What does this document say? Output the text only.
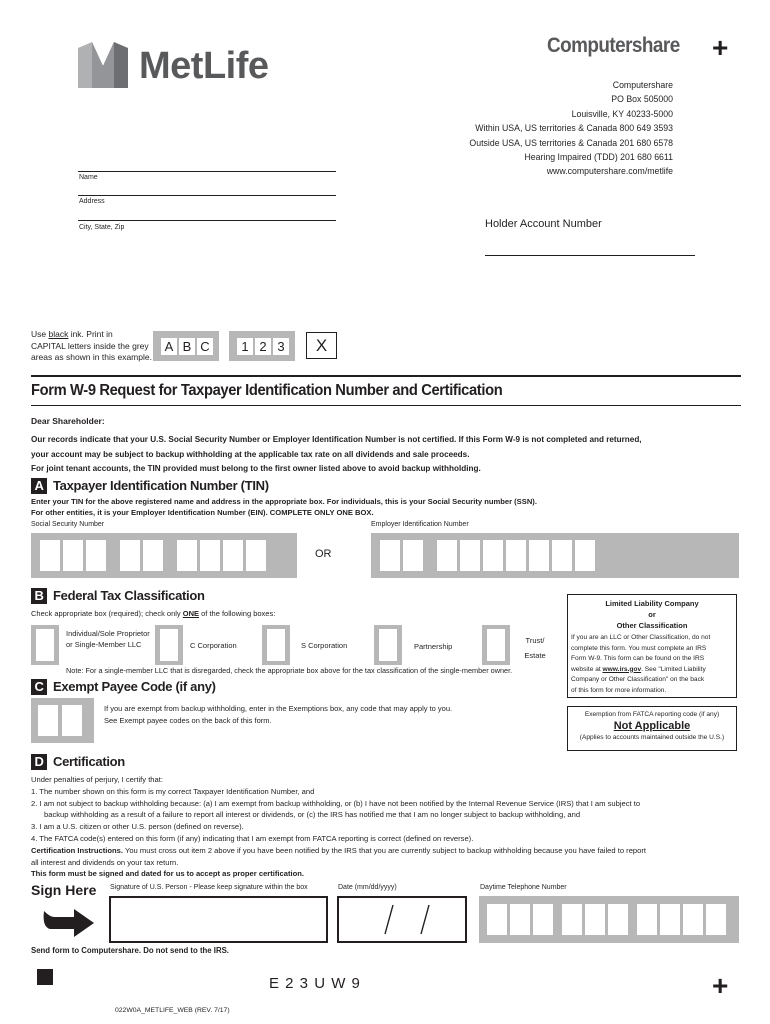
MetLife	Computershare +
Computershare
PO Box 505000
Louisville, KY 40233-5000
Within USA, US territories & Canada 800 649 3593
Outside USA, US territories & Canada 201 680 6578
Hearing Impaired (TDD) 201 680 6611
www.computershare.com/metlife
Name
Address
City, State, Zip	Holder Account Number
Use black ink. Print in
CAPITAL letters inside the grey
areas as shown in this example.
A B C	1 2 3	X
Form W-9 Request for Taxpayer Identification Number and Certification
Dear Shareholder:
Our records indicate that your U.S. Social Security Number or Employer Identification Number is not certified. If this Form W-9 is not completed and returned,
your account may be subject to backup withholding at the applicable tax rate on all dividends and sale proceeds.
For joint tenant accounts, the TIN provided must belong to the first owner listed above to avoid backup withholding.
A Taxpayer Identification Number (TIN)
Enter your TIN for the above registered name and address in the appropriate box. For individuals, this is your Social Security number (SSN).
For other entities, it is your Employer Identification Number (EIN). COMPLETE ONLY ONE BOX.
Social Security Number	Employer Identification Number
OR
B Federal Tax Classification
Check appropriate box (required); check only ONE of the following boxes:
Individual/Sole Proprietor or Single-Member LLC	C Corporation	S Corporation	Partnership
Trust/ Estate
Note: For a single-member LLC that is disregarded, check the appropriate box above for the tax classification of the single-member owner.
Limited Liability Company
or
Other Classification
If you are an LLC or Other Classification, do not
complete this form. You must complete an IRS
Form W-9. This form can be found on the IRS
website at www.irs.gov. See "Limited Liability
Company or Other Classification" on the back
of this form for more information.
C Exempt Payee Code (if any)
If you are exempt from backup withholding, enter in the Exemptions box, any code that may apply to you.
See Exempt payee codes on the back of this form.
Exemption from FATCA reporting code (if any)
Not Applicable
(Applies to accounts maintained outside the U.S.)
D Certification
Under penalties of perjury, I certify that:
1. The number shown on this form is my correct Taxpayer Identification Number, and
2. I am not subject to backup withholding because: (a) I am exempt from backup withholding, or (b) I have not been notified by the Internal Revenue Service (IRS) that I am subject to
backup withholding as a result of a failure to report all interest or dividends, or (c) the IRS has notified me that I am no longer subject to backup withholding, and
3. I am a U.S. citizen or other U.S. person (defined on reverse).
4. The FATCA code(s) entered on this form (if any) indicating that I am exempt from FATCA reporting is correct (defined on reverse).
Certification Instructions. You must cross out item 2 above if you have been notified by the IRS that you are currently subject to backup withholding because you have failed to report
all interest and dividends on your tax return.
This form must be signed and dated for us to accept as proper certification.
Sign Here Signature of U.S. Person - Please keep signature within the box	Date (mm/dd/yyyy)	Daytime Telephone Number
Send form to Computershare. Do not send to the IRS.
E 2 3 U W 9	+
022W0A_METLIFE_WEB (REV. 7/17)
